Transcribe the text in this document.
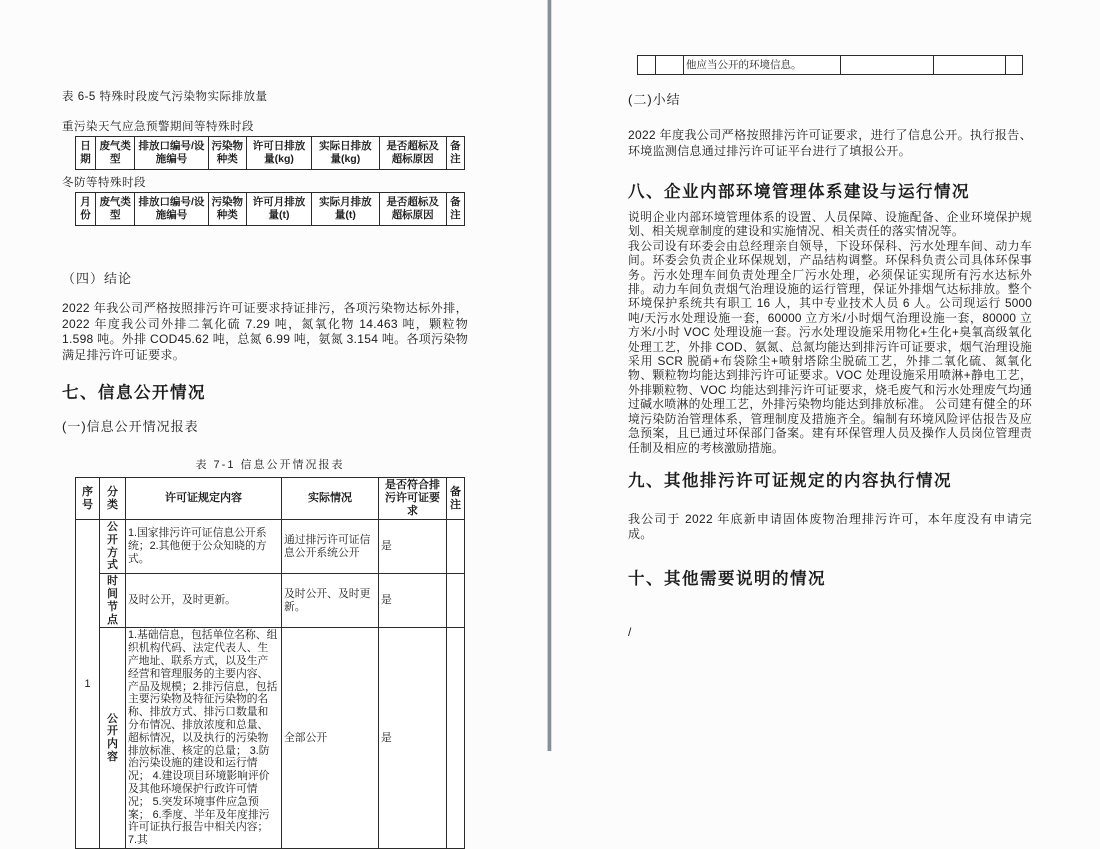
表 6-5 特殊时段废气污染物实际排放量
重污染天气应急预警期间等特殊时段
日期	废气类型	排放口编号/设施编号	污染物种类	许可日排放量(kg)	实际日排放量(kg)	是否超标及超标原因	备注
冬防等特殊时段
月份	废气类型	排放口编号/设施编号	污染物种类	许可月排放量(t)	实际月排放量(t)	是否超标及超标原因	备注
（四）结论

2022 年我公司严格按照排污许可证要求持证排污，各项污染物达标外排，2022 年度我公司外排二氧化硫 7.29 吨，氮氧化物 14.463 吨，颗粒物 1.598 吨。外排 COD45.62 吨，总氮 6.99 吨，氨氮 3.154 吨。各项污染物满足排污许可证要求。

七、信息公开情况
(一)信息公开情况报表
表 7-1 信息公开情况报表
序号	分类	许可证规定内容	实际情况	是否符合排污许可证要求	备注
1	公开方式	1.国家排污许可证信息公开系统；2.其他便于公众知晓的方式。	通过排污许可证信息公开系统公开	是	
	时间节点	及时公开，及时更新。	及时公开、及时更新。	是	
	公开内容	1.基础信息，包括单位名称、组织机构代码、法定代表人、生产地址、联系方式，以及生产经营和管理服务的主要内容、产品及规模；2.排污信息，包括主要污染物及特征污染物的名称、排放方式、排污口数量和分布情况、排放浓度和总量、超标情况，以及执行的污染物排放标准、核定的总量； 3.防治污染设施的建设和运行情况； 4.建设项目环境影响评价及其他环境保护行政许可情况； 5.突发环境事件应急预案； 6.季度、半年及年度排污许可证执行报告中相关内容； 7.其	全部公开	是	
		他应当公开的环境信息。			
(二)小结

2022 年度我公司严格按照排污许可证要求，进行了信息公开。执行报告、环境监测信息通过排污许可证平台进行了填报公开。

八、企业内部环境管理体系建设与运行情况

说明企业内部环境管理体系的设置、人员保障、设施配备、企业环境保护规划、相关规章制度的建设和实施情况、相关责任的落实情况等。

我公司设有环委会由总经理亲自领导，下设环保科、污水处理车间、动力车间。环委会负责企业环保规划，产品结构调整。环保科负责公司具体环保事务。污水处理车间负责处理全厂污水处理，必须保证实现所有污水达标外排。动力车间负责烟气治理设施的运行管理，保证外排烟气达标排放。整个环境保护系统共有职工 16 人，其中专业技术人员 6 人。公司现运行 5000 吨/天污水处理设施一套，60000 立方米/小时烟气治理设施一套，80000 立方米/小时 VOC 处理设施一套。污水处理设施采用物化+生化+臭氧高级氧化处理工艺，外排 COD、氨氮、总氮均能达到排污许可证要求，烟气治理设施采用 SCR 脱硝+布袋除尘+喷射塔除尘脱硫工艺，外排二氧化硫、氮氧化物、颗粒物均能达到排污许可证要求。VOC 处理设施采用喷淋+静电工艺，外排颗粒物、VOC 均能达到排污许可证要求，烧毛废气和污水处理废气均通过碱水喷淋的处理工艺，外排污染物均能达到排放标准。 公司建有健全的环境污染防治管理体系，管理制度及措施齐全。编制有环境风险评估报告及应急预案，且已通过环保部门备案。建有环保管理人员及操作人员岗位管理责任制及相应的考核激励措施。

九、其他排污许可证规定的内容执行情况

我公司于 2022 年底新申请固体废物治理排污许可，本年度没有申请完成。

十、其他需要说明的情况
/
